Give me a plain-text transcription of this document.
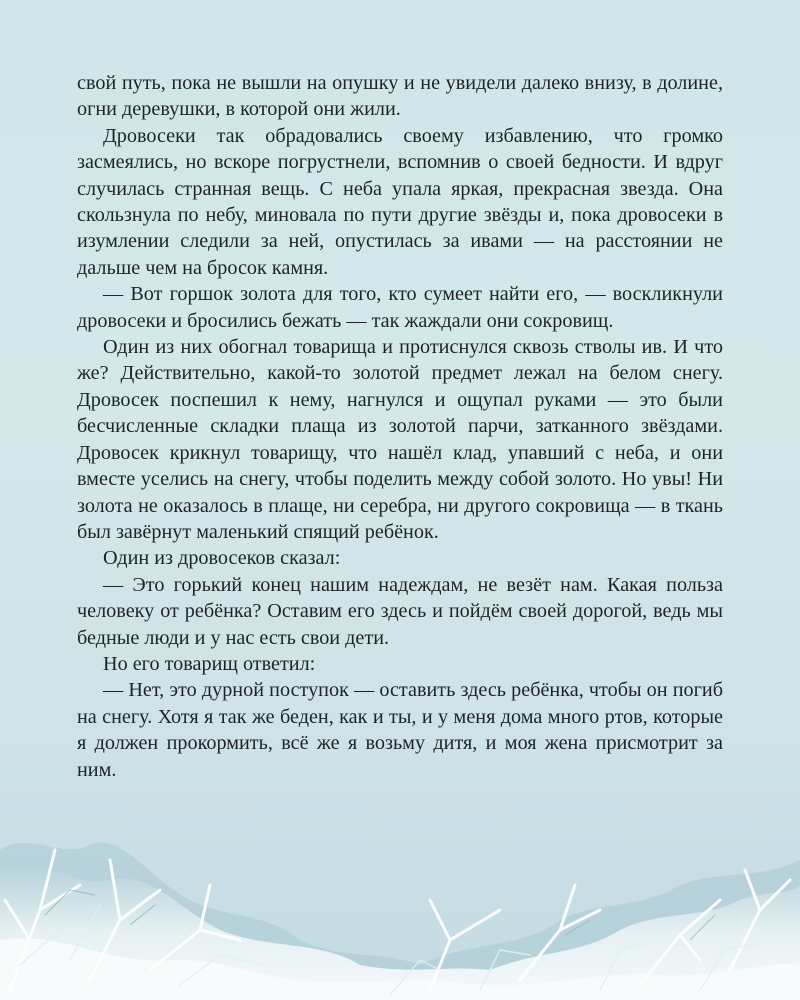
свой путь, пока не вышли на опушку и не увидели далеко внизу, в долине, огни деревушки, в которой они жили.

Дровосеки так обрадовались своему избавлению, что громко засмеялись, но вскоре погрустнели, вспомнив о своей бедности. И вдруг случилась странная вещь. С неба упала яркая, прекрасная звезда. Она скользнула по небу, миновала по пути другие звёзды и, пока дровосеки в изумлении следили за ней, опустилась за ивами — на расстоянии не дальше чем на бросок камня.

— Вот горшок золота для того, кто сумеет найти его, — воскликнули дровосеки и бросились бежать — так жаждали они сокровищ.

Один из них обогнал товарища и протиснулся сквозь стволы ив. И что же? Действительно, какой-то золотой предмет лежал на белом снегу. Дровосек поспешил к нему, нагнулся и ощупал руками — это были бесчисленные складки плаща из золотой парчи, затканного звёздами. Дровосек крикнул товарищу, что нашёл клад, упавший с неба, и они вместе уселись на снегу, чтобы поделить между собой золото. Но увы! Ни золота не оказалось в плаще, ни серебра, ни другого сокровища — в ткань был завёрнут маленький спящий ребёнок.

Один из дровосеков сказал:

— Это горький конец нашим надеждам, не везёт нам. Какая польза человеку от ребёнка? Оставим его здесь и пойдём своей дорогой, ведь мы бедные люди и у нас есть свои дети.

Но его товарищ ответил:

— Нет, это дурной поступок — оставить здесь ребёнка, чтобы он погиб на снегу. Хотя я так же беден, как и ты, и у меня дома много ртов, которые я должен прокормить, всё же я возьму дитя, и моя жена присмотрит за ним.
